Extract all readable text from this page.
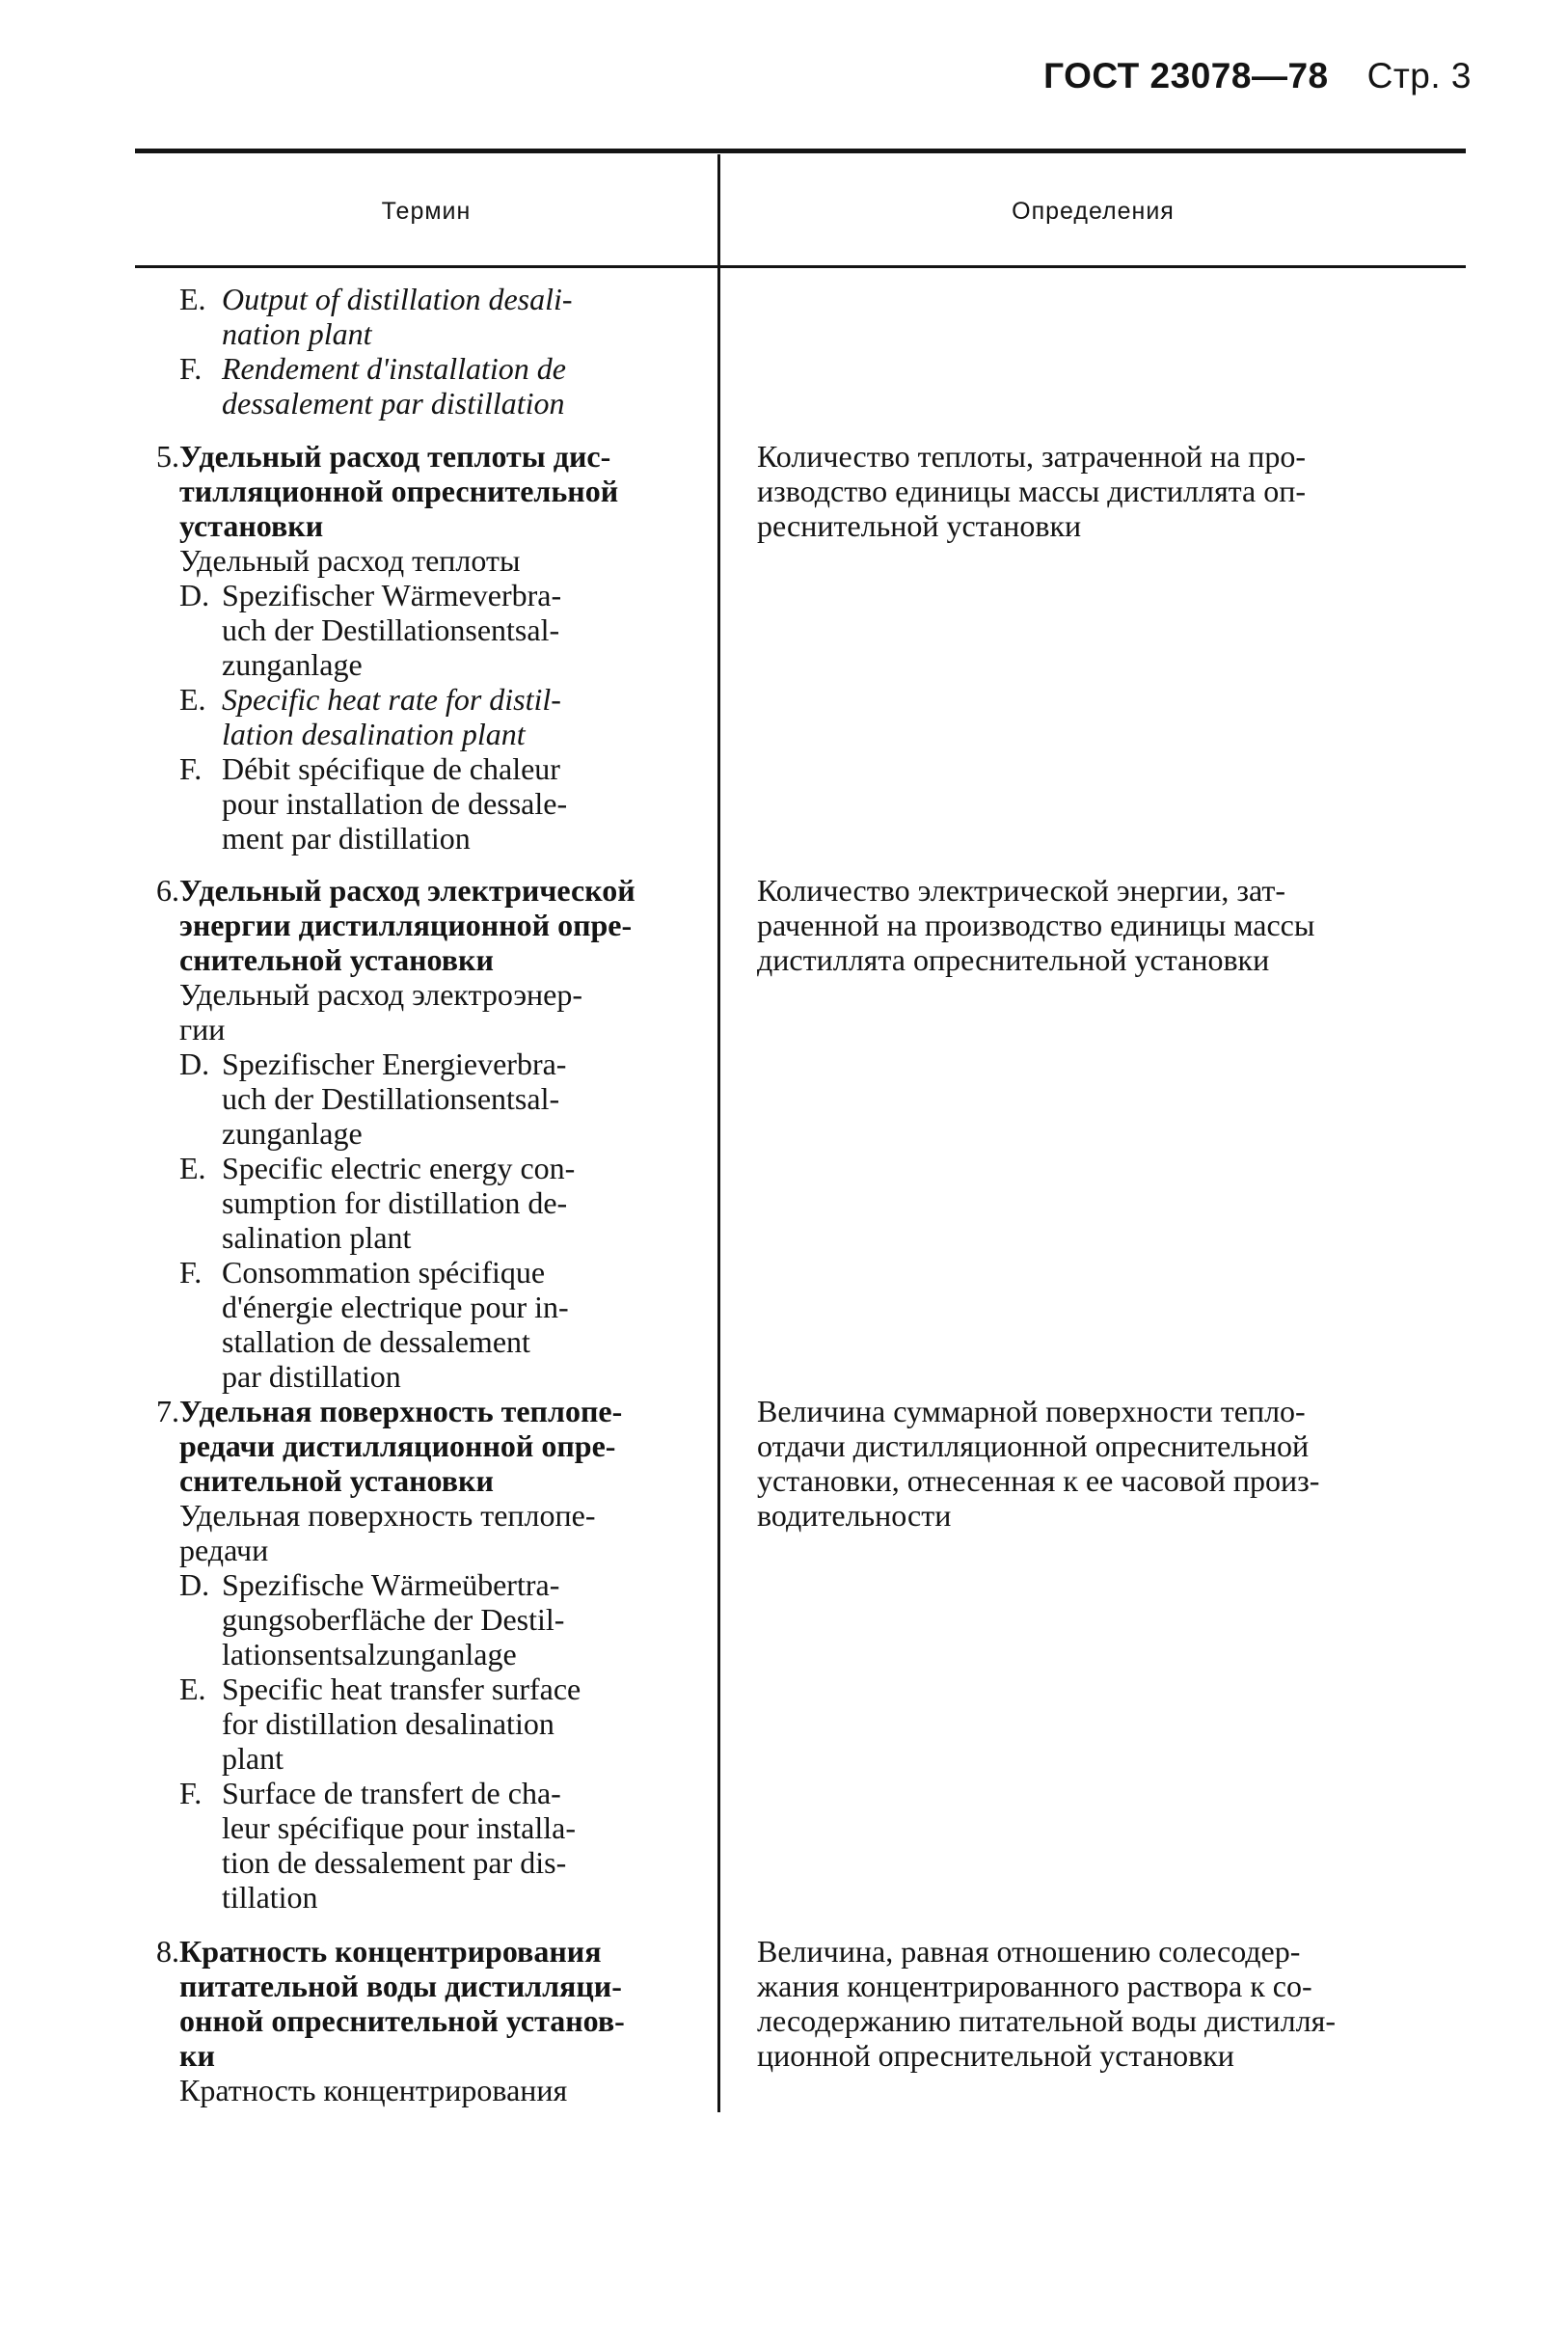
ГОСТ 23078—78 Стр. 3
Термин	Определения
E. Output of distillation desali-
nation plant
F. Rendement d'installation de
dessalement par distillation
5. Удельный расход теплоты дис-
тилляционной опреснительной
установки
Удельный расход теплоты
D. Spezifischer Wärmeverbra-
uch der Destillationsentsal-
zunganlage
E. Specific heat rate for distil-
lation desalination plant
F. Débit spécifique de chaleur
pour installation de dessale-
ment par distillation
Количество теплоты, затраченной на про-
изводство единицы массы дистиллята оп-
реснительной установки
6. Удельный расход электрической
энергии дистилляционной опре-
снительной установки
Удельный расход электроэнер-
гии
D. Spezifischer Energieverbra-
uch der Destillationsentsal-
zunganlage
E. Specific electric energy con-
sumption for distillation de-
salination plant
F. Consommation spécifique
d'énergie electrique pour in-
stallation de dessalement
par distillation
Количество электрической энергии, зат-
раченной на производство единицы массы
дистиллята опреснительной установки
7. Удельная поверхность теплопе-
редачи дистилляционной опре-
снительной установки
Удельная поверхность теплопе-
редачи
D. Spezifische Wärmeübertra-
gungsoberfläche der Destil-
lationsentsalzunganlage
E. Specific heat transfer surface
for distillation desalination
plant
F. Surface de transfert de cha-
leur spécifique pour installa-
tion de dessalement par dis-
tillation
Величина суммарной поверхности тепло-
отдачи дистилляционной опреснительной
установки, отнесенная к ее часовой произ-
водительности
8. Кратность концентрирования
питательной воды дистилляци-
онной опреснительной установ-
ки
Кратность концентрирования
Величина, равная отношению солесодер-
жания концентрированного раствора к со-
лесодержанию питательной воды дистилля-
ционной опреснительной установки
